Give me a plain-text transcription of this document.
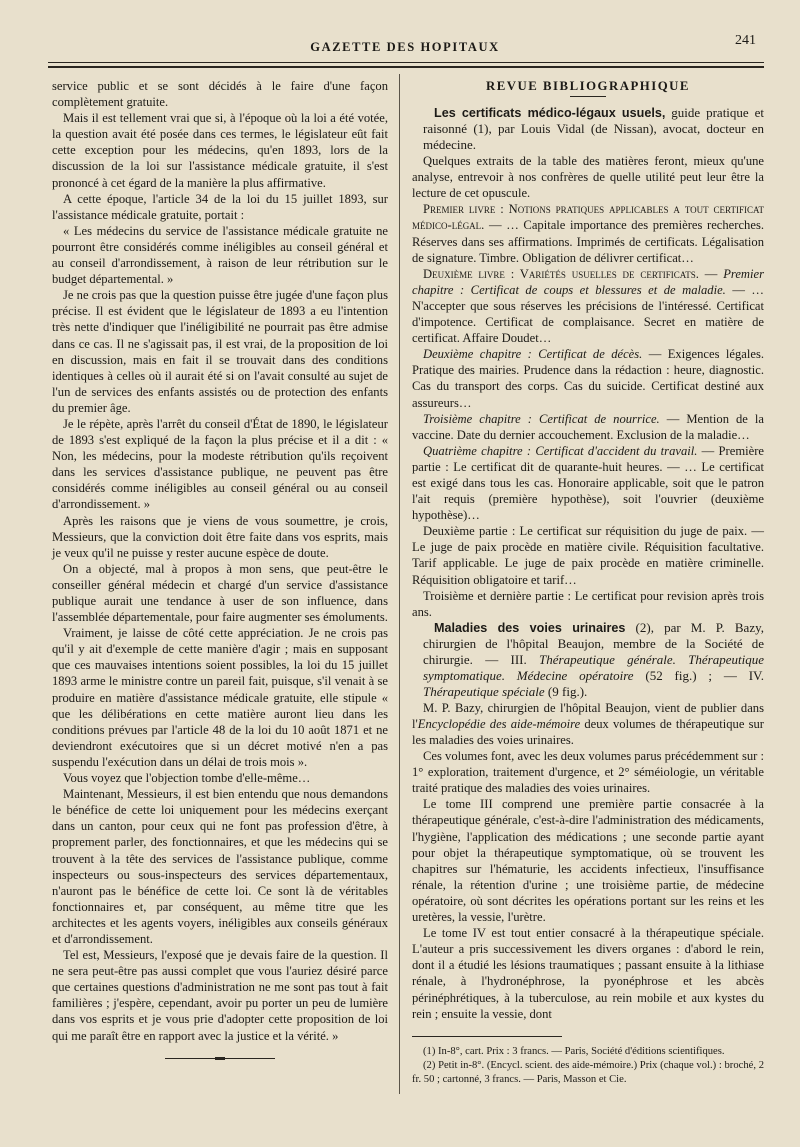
GAZETTE DES HOPITAUX	241

service public et se sont décidés à le faire d'une façon complètement gratuite.

Mais il est tellement vrai que si, à l'époque où la loi a été votée, la question avait été posée dans ces termes, le législateur eût fait cette exception pour les médecins, qu'en 1893, lors de la discussion de la loi sur l'assistance médicale gratuite, il s'est prononcé à cet égard de la manière la plus affirmative.

A cette époque, l'article 34 de la loi du 15 juillet 1893, sur l'assistance médicale gratuite, portait :

« Les médecins du service de l'assistance médicale gratuite ne pourront être considérés comme inéligibles au conseil général et au conseil d'arrondissement, à raison de leur rétribution sur le budget départemental. »

Je ne crois pas que la question puisse être jugée d'une façon plus précise. Il est évident que le législateur de 1893 a eu l'intention très nette d'indiquer que l'inéligibilité ne pourrait pas être admise dans ce cas. Il ne s'agissait pas, il est vrai, de la proposition de loi en discussion, mais en fait il se trouvait dans des conditions identiques à celles où il aurait été si on l'avait consulté au sujet de l'un de services des enfants assistés ou de protection des enfants du premier âge.

Je le répète, après l'arrêt du conseil d'État de 1890, le législateur de 1893 s'est expliqué de la façon la plus précise et il a dit : « Non, les médecins, pour la modeste rétribution qu'ils reçoivent dans les services d'assistance publique, ne peuvent pas être considérés comme inéligibles au conseil général ou au conseil d'arrondissement. »

Après les raisons que je viens de vous soumettre, je crois, Messieurs, que la conviction doit être faite dans vos esprits, mais je veux qu'il ne puisse y rester aucune espèce de doute.

On a objecté, mal à propos à mon sens, que peut-être le conseiller général médecin et chargé d'un service d'assistance publique aurait une tendance à user de son influence, dans l'assemblée départementale, pour faire augmenter ses émoluments.

Vraiment, je laisse de côté cette appréciation. Je ne crois pas qu'il y ait d'exemple de cette manière d'agir ; mais en supposant que ces mauvaises intentions soient possibles, la loi du 15 juillet 1893 arme le ministre contre un pareil fait, puisque, s'il venait à se produire en matière d'assistance médicale gratuite, elle stipule « que les délibérations en cette matière auront lieu dans les conditions prévues par l'article 48 de la loi du 10 août 1871 et ne deviendront exécutoires que si un décret motivé n'en a pas suspendu l'exécution dans un délai de trois mois ».

Vous voyez que l'objection tombe d'elle-même…

Maintenant, Messieurs, il est bien entendu que nous demandons le bénéfice de cette loi uniquement pour les médecins exerçant dans un canton, pour ceux qui ne font pas profession d'être, à proprement parler, des fonctionnaires, et que les médecins qui se trouvent à la tête des services de l'assistance publique, comme inspecteurs ou sous-inspecteurs des services départementaux, n'auront pas le bénéfice de cette loi. Ce sont là de véritables fonctionnaires et, par conséquent, au même titre que les architectes et les agents voyers, inéligibles aux conseils généraux et d'arrondissement.

Tel est, Messieurs, l'exposé que je devais faire de la question. Il ne sera peut-être pas aussi complet que vous l'auriez désiré parce que certaines questions d'administration ne me sont pas tout à fait familières ; j'espère, cependant, avoir pu porter un peu de lumière dans vos esprits et je vous prie d'adopter cette proposition de loi qui me paraît être en rapport avec la justice et la vérité. »

REVUE BIBLIOGRAPHIQUE

Les certificats médico-légaux usuels, guide pratique et raisonné (1), par Louis Vidal (de Nissan), avocat, docteur en médecine.

Quelques extraits de la table des matières feront, mieux qu'une analyse, entrevoir à nos confrères de quelle utilité peut leur être la lecture de cet opuscule.

Premier livre : Notions pratiques applicables a tout certificat médico-légal. — … Capitale importance des premières recherches. Réserves dans ses affirmations. Imprimés de certificats. Légalisation de signature. Timbre. Obligation de délivrer certificat…

Deuxième livre : Variétés usuelles de certificats. — Premier chapitre : Certificat de coups et blessures et de maladie. — … N'accepter que sous réserves les précisions de l'intéressé. Certificat d'impotence. Certificat de complaisance. Secret en matière de certificat. Affaire Doudet…

Deuxième chapitre : Certificat de décès. — Exigences légales. Pratique des mairies. Prudence dans la rédaction : heure, diagnostic. Cas du transport des corps. Cas du suicide. Certificat destiné aux assureurs…

Troisième chapitre : Certificat de nourrice. — Mention de la vaccine. Date du dernier accouchement. Exclusion de la maladie…

Quatrième chapitre : Certificat d'accident du travail. — Première partie : Le certificat dit de quarante-huit heures. — … Le certificat est exigé dans tous les cas. Honoraire applicable, soit que le patron l'ait requis (première hypothèse), soit l'ouvrier (deuxième hypothèse)…

Deuxième partie : Le certificat sur réquisition du juge de paix. — Le juge de paix procède en matière civile. Réquisition facultative. Tarif applicable. Le juge de paix procède en matière criminelle. Réquisition obligatoire et tarif…

Troisième et dernière partie : Le certificat pour revision après trois ans.

Maladies des voies urinaires (2), par M. P. Bazy, chirurgien de l'hôpital Beaujon, membre de la Société de chirurgie. — III. Thérapeutique générale. Thérapeutique symptomatique. Médecine opératoire (52 fig.) ; — IV. Thérapeutique spéciale (9 fig.).

M. P. Bazy, chirurgien de l'hôpital Beaujon, vient de publier dans l'Encyclopédie des aide-mémoire deux volumes de thérapeutique sur les maladies des voies urinaires.

Ces volumes font, avec les deux volumes parus précédemment sur : 1° exploration, traitement d'urgence, et 2° séméiologie, un véritable traité pratique des maladies des voies urinaires.

Le tome III comprend une première partie consacrée à la thérapeutique générale, c'est-à-dire l'administration des médicaments, l'hygiène, l'application des médications ; une seconde partie ayant pour objet la thérapeutique symptomatique, où se trouvent les chapitres sur l'hématurie, les accidents infectieux, l'insuffisance rénale, la rétention d'urine ; une troisième partie, de médecine opératoire, où sont décrites les opérations portant sur les reins et les uretères, la vessie, l'urètre.

Le tome IV est tout entier consacré à la thérapeutique spéciale. L'auteur a pris successivement les divers organes : d'abord le rein, dont il a étudié les lésions traumatiques ; passant ensuite à la lithiase rénale, à l'hydronéphrose, la pyonéphrose et les abcès périnéphrétiques, à la tuberculose, au rein mobile et aux kystes du rein ; ensuite la vessie, dont

(1) In-8°, cart. Prix : 3 francs. — Paris, Société d'éditions scientifiques.

(2) Petit in-8°. (Encycl. scient. des aide-mémoire.) Prix (chaque vol.) : broché, 2 fr. 50 ; cartonné, 3 francs. — Paris, Masson et Cie.
